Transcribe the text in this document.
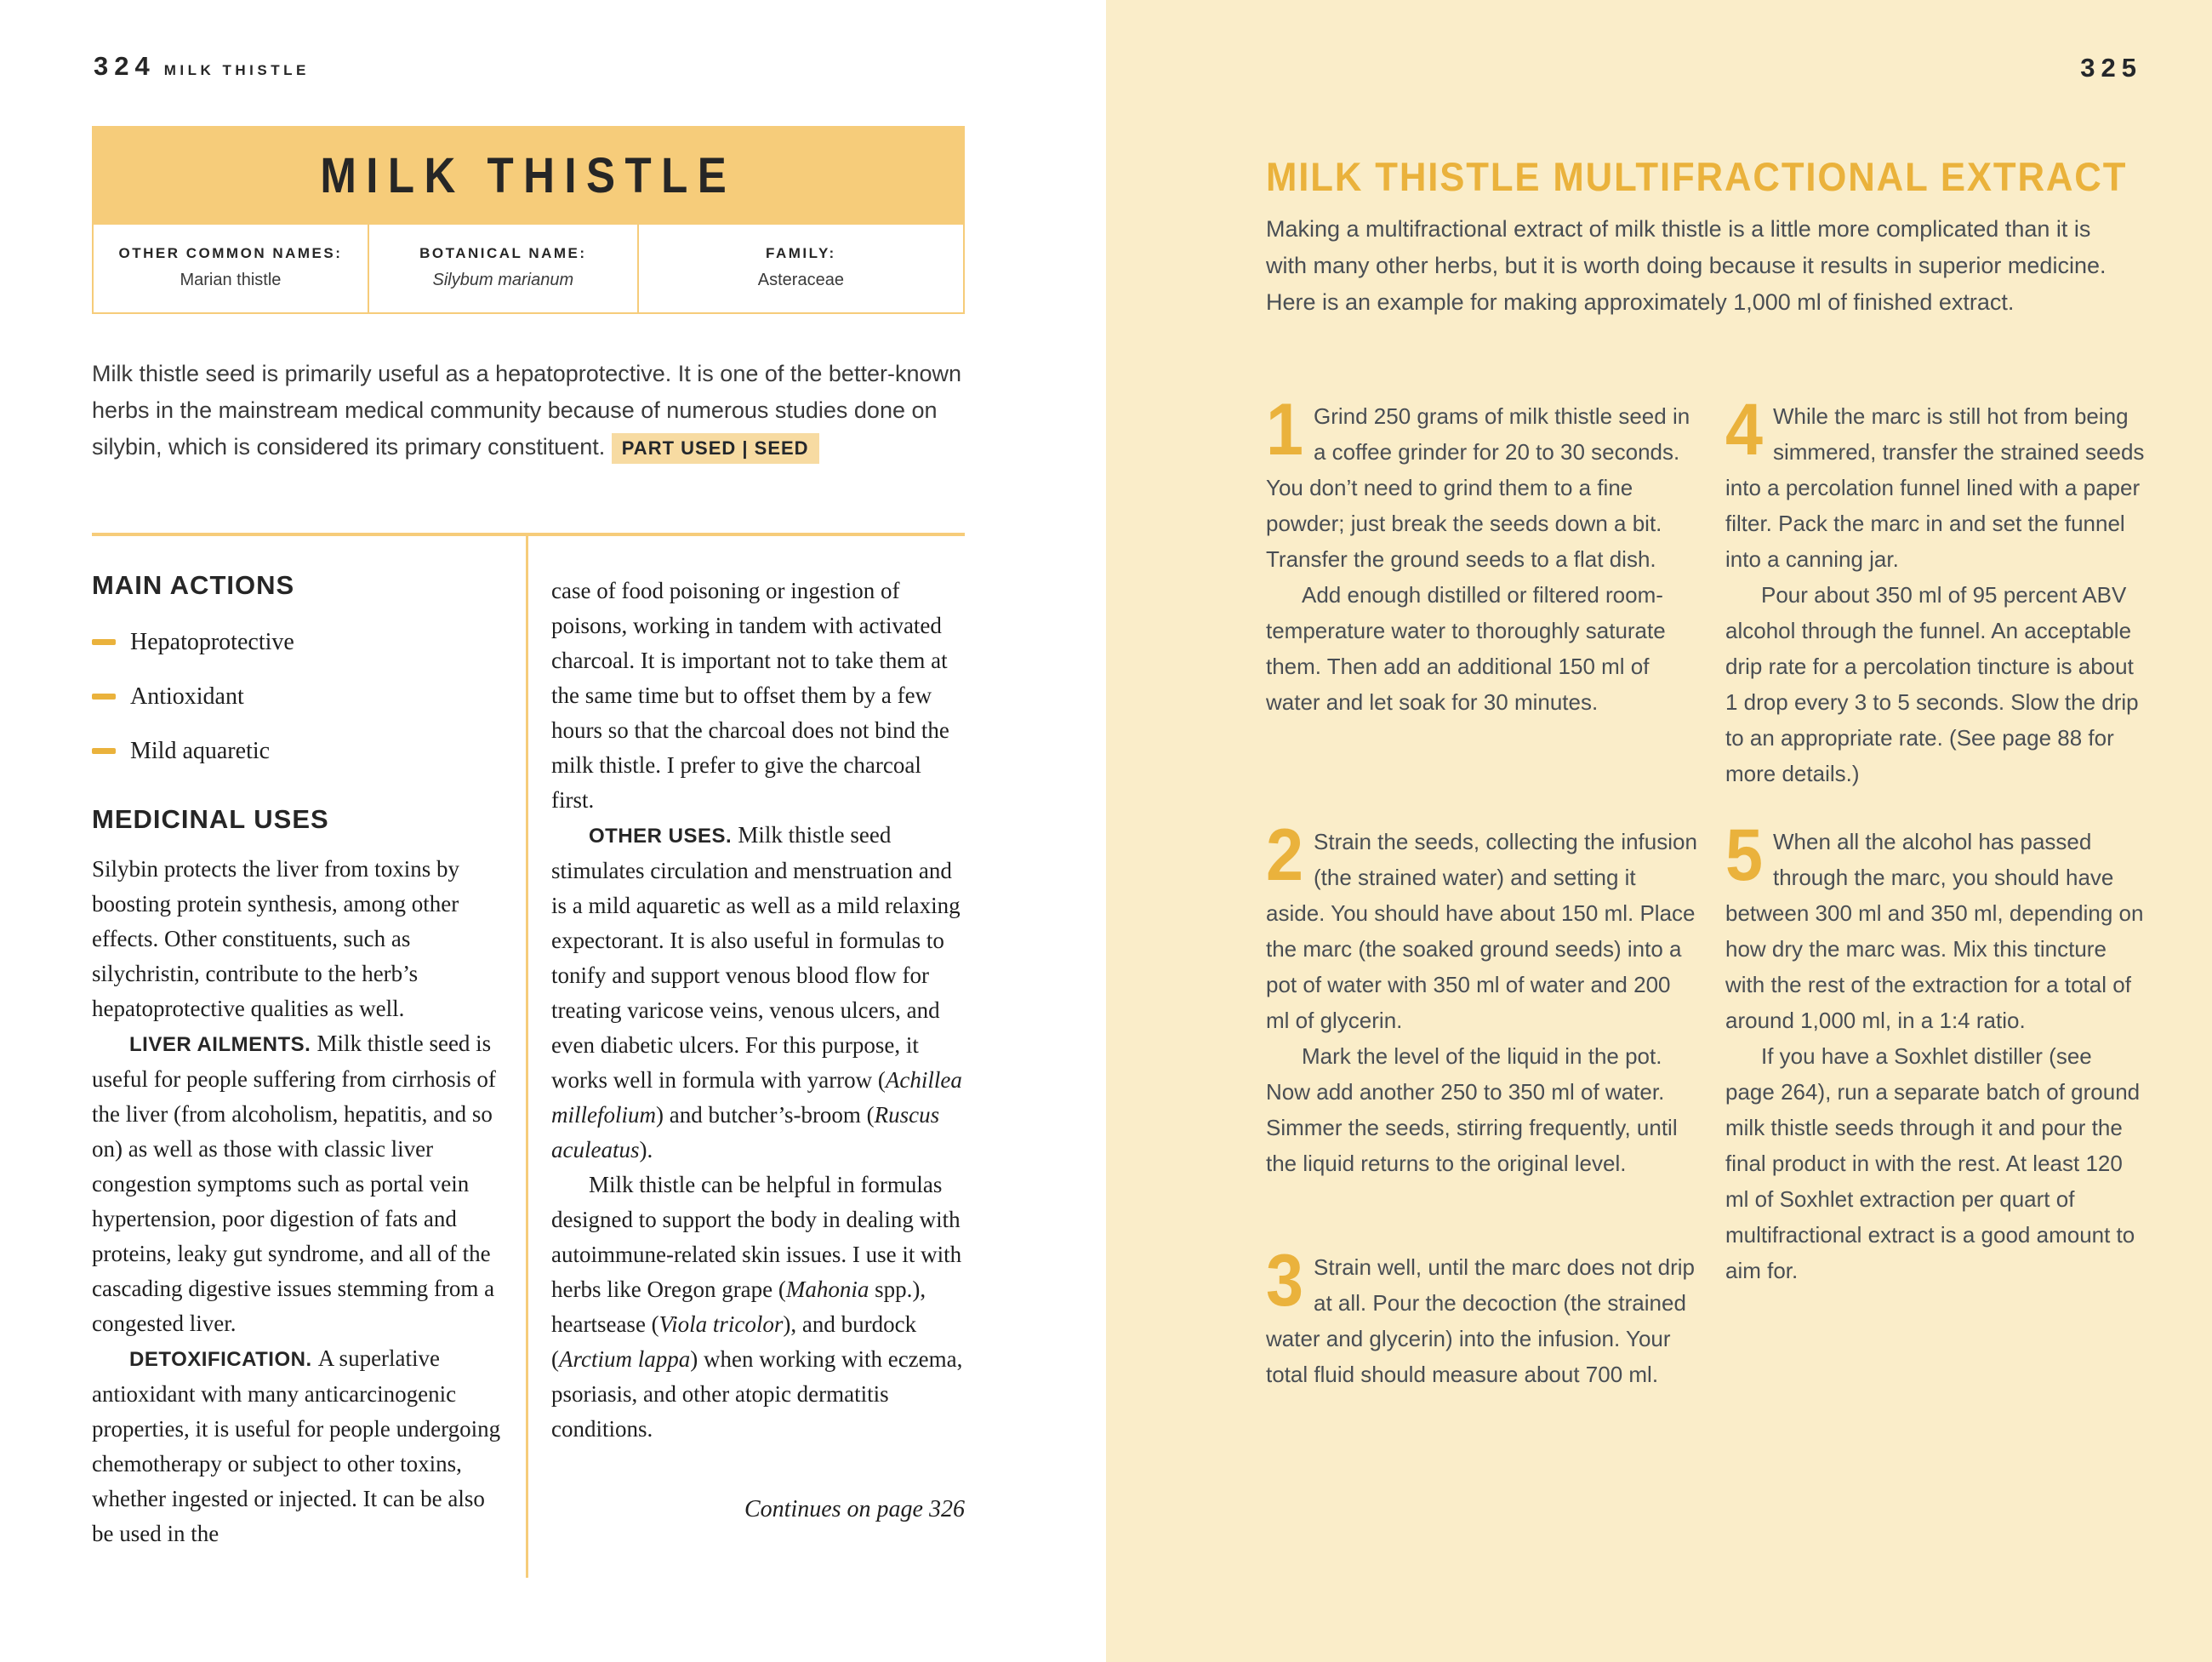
324 MILK THISTLE
MILK THISTLE
OTHER COMMON NAMES:
Marian thistle
BOTANICAL NAME:
Silybum marianum
FAMILY:
Asteraceae
Milk thistle seed is primarily useful as a hepatoprotective. It is one of the better-known herbs in the mainstream medical community because of numerous studies done on silybin, which is considered its primary constituent. PART USED | SEED
MAIN ACTIONS
Hepatoprotective
Antioxidant
Mild aquaretic
MEDICINAL USES

Silybin protects the liver from toxins by boosting protein synthesis, among other effects. Other constituents, such as silychristin, contribute to the herb’s hepatoprotective qualities as well.

LIVER AILMENTS. Milk thistle seed is useful for people suffering from cirrhosis of the liver (from alcoholism, hepatitis, and so on) as well as those with classic liver congestion symptoms such as portal vein hypertension, poor digestion of fats and proteins, leaky gut syndrome, and all of the cascading digestive issues stemming from a congested liver.

DETOXIFICATION. A superlative antioxidant with many anticarcinogenic properties, it is useful for people undergoing chemotherapy or subject to other toxins, whether ingested or injected. It can be also be used in the

case of food poisoning or ingestion of poisons, working in tandem with activated charcoal. It is important not to take them at the same time but to offset them by a few hours so that the charcoal does not bind the milk thistle. I prefer to give the charcoal first.

OTHER USES. Milk thistle seed stimulates circulation and menstruation and is a mild aquaretic as well as a mild relaxing expectorant. It is also useful in formulas to tonify and support venous blood flow for treating varicose veins, venous ulcers, and even diabetic ulcers. For this purpose, it works well in formula with yarrow (Achillea millefolium) and butcher’s-broom (Ruscus aculeatus).

Milk thistle can be helpful in formulas designed to support the body in dealing with autoimmune-related skin issues. I use it with herbs like Oregon grape (Mahonia spp.), heartsease (Viola tricolor), and burdock (Arctium lappa) when working with eczema, psoriasis, and other atopic dermatitis conditions.

Continues on page 326
325
MILK THISTLE MULTIFRACTIONAL EXTRACT
Making a multifractional extract of milk thistle is a little more complicated than it is with many other herbs, but it is worth doing because it results in superior medicine. Here is an example for making approximately 1,000 ml of finished extract.
1 Grind 250 grams of milk thistle seed in a coffee grinder for 20 to 30 seconds. You don’t need to grind them to a fine powder; just break the seeds down a bit. Transfer the ground seeds to a flat dish.

Add enough distilled or filtered room-temperature water to thoroughly saturate them. Then add an additional 150 ml of water and let soak for 30 minutes.

2 Strain the seeds, collecting the infusion (the strained water) and setting it aside. You should have about 150 ml. Place the marc (the soaked ground seeds) into a pot of water with 350 ml of water and 200 ml of glycerin.

Mark the level of the liquid in the pot. Now add another 250 to 350 ml of water. Simmer the seeds, stirring frequently, until the liquid returns to the original level.

3 Strain well, until the marc does not drip at all. Pour the decoction (the strained water and glycerin) into the infusion. Your total fluid should measure about 700 ml.

4 While the marc is still hot from being simmered, transfer the strained seeds into a percolation funnel lined with a paper filter. Pack the marc in and set the funnel into a canning jar.

Pour about 350 ml of 95 percent ABV alcohol through the funnel. An acceptable drip rate for a percolation tincture is about 1 drop every 3 to 5 seconds. Slow the drip to an appropriate rate. (See page 88 for more details.)

5 When all the alcohol has passed through the marc, you should have between 300 ml and 350 ml, depending on how dry the marc was. Mix this tincture with the rest of the extraction for a total of around 1,000 ml, in a 1:4 ratio.

If you have a Soxhlet distiller (see page 264), run a separate batch of ground milk thistle seeds through it and pour the final product in with the rest. At least 120 ml of Soxhlet extraction per quart of multifractional extract is a good amount to aim for.
